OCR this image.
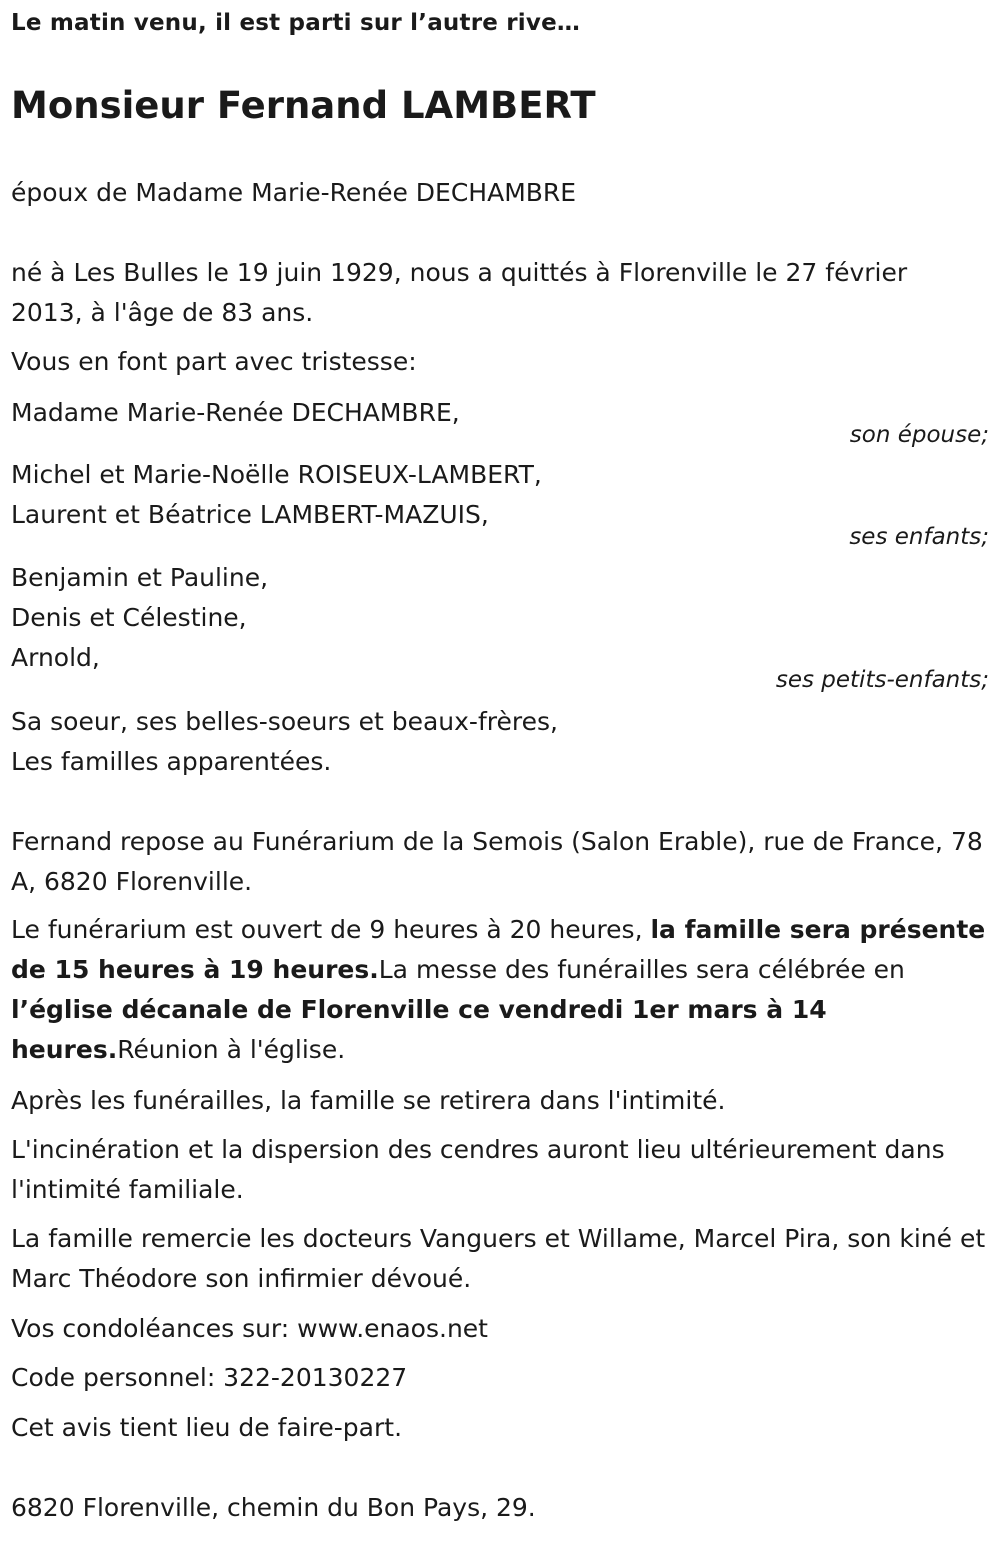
Le matin venu, il est parti sur l’autre rive…

Monsieur Fernand LAMBERT

époux de Madame Marie-Renée DECHAMBRE

né à Les Bulles le 19 juin 1929, nous a quittés à Florenville le 27 février 2013, à l'âge de 83 ans.

Vous en font part avec tristesse:

Madame Marie-Renée DECHAMBRE,

son épouse;

Michel et Marie-Noëlle ROISEUX-LAMBERT,

Laurent et Béatrice LAMBERT-MAZUIS,

ses enfants;

Benjamin et Pauline,

Denis et Célestine,

Arnold,

ses petits-enfants;

Sa soeur, ses belles-soeurs et beaux-frères,

Les familles apparentées.

Fernand repose au Funérarium de la Semois (Salon Erable), rue de France, 78 A, 6820 Florenville.

Le funérarium est ouvert de 9 heures à 20 heures, la famille sera présente de 15 heures à 19 heures.La messe des funérailles sera célébrée en l’église décanale de Florenville ce vendredi 1er mars à 14 heures.Réunion à l'église.

Après les funérailles, la famille se retirera dans l'intimité.

L'incinération et la dispersion des cendres auront lieu ultérieurement dans l'intimité familiale.

La famille remercie les docteurs Vanguers et Willame, Marcel Pira, son kiné et Marc Théodore son infirmier dévoué.

Vos condoléances sur: www.enaos.net

Code personnel: 322-20130227

Cet avis tient lieu de faire-part.

6820 Florenville, chemin du Bon Pays, 29.
